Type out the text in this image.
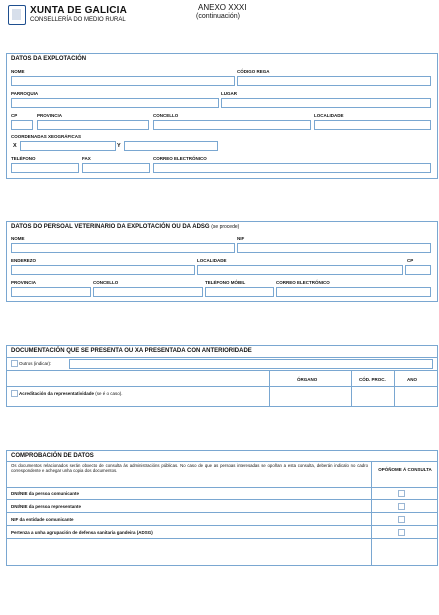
XUNTA DE GALICIA
CONSELLERÍA DO MEDIO RURAL
ANEXO XXXI
(continuación)
DATOS DA EXPLOTACIÓN
NOME	CÓDIGO REGA
PARROQUIA	LUGAR
CP	PROVINCIA	CONCELLO	LOCALIDADE
COORDENADAS XEOGRÁFICAS
X	Y
TELÉFONO	FAX	CORREO ELECTRÓNICO
DATOS DO PERSOAL VETERINARIO DA EXPLOTACIÓN OU DA ADSG (se procede)
NOME	NIF
ENDEREZO	LOCALIDADE	CP
PROVINCIA	CONCELLO	TELÉFONO MÓBIL	CORREO ELECTRÓNICO
DOCUMENTACIÓN QUE SE PRESENTA OU XA PRESENTADA CON ANTERIORIDADE
Outros (indicar):
ÓRGANO	CÓD. PROC.	ANO
Acreditación da representatividade (se é o caso).
COMPROBACIÓN DE DATOS
Os documentos relacionados serán obxecto de consulta ás administracións públicas. No caso de que as persoas interesadas se opoñan a esta consulta, deberán indicalo no cadro correspondente e achegar unha copia dos documentos.	OPÓÑOME Á CONSULTA
DNI/NIE da persoa comunicante
DNI/NIE da persoa representante
NIF da entidade comunicante
Pertenza a unha agrupación de defensa sanitaria gandeira (ADSG)
